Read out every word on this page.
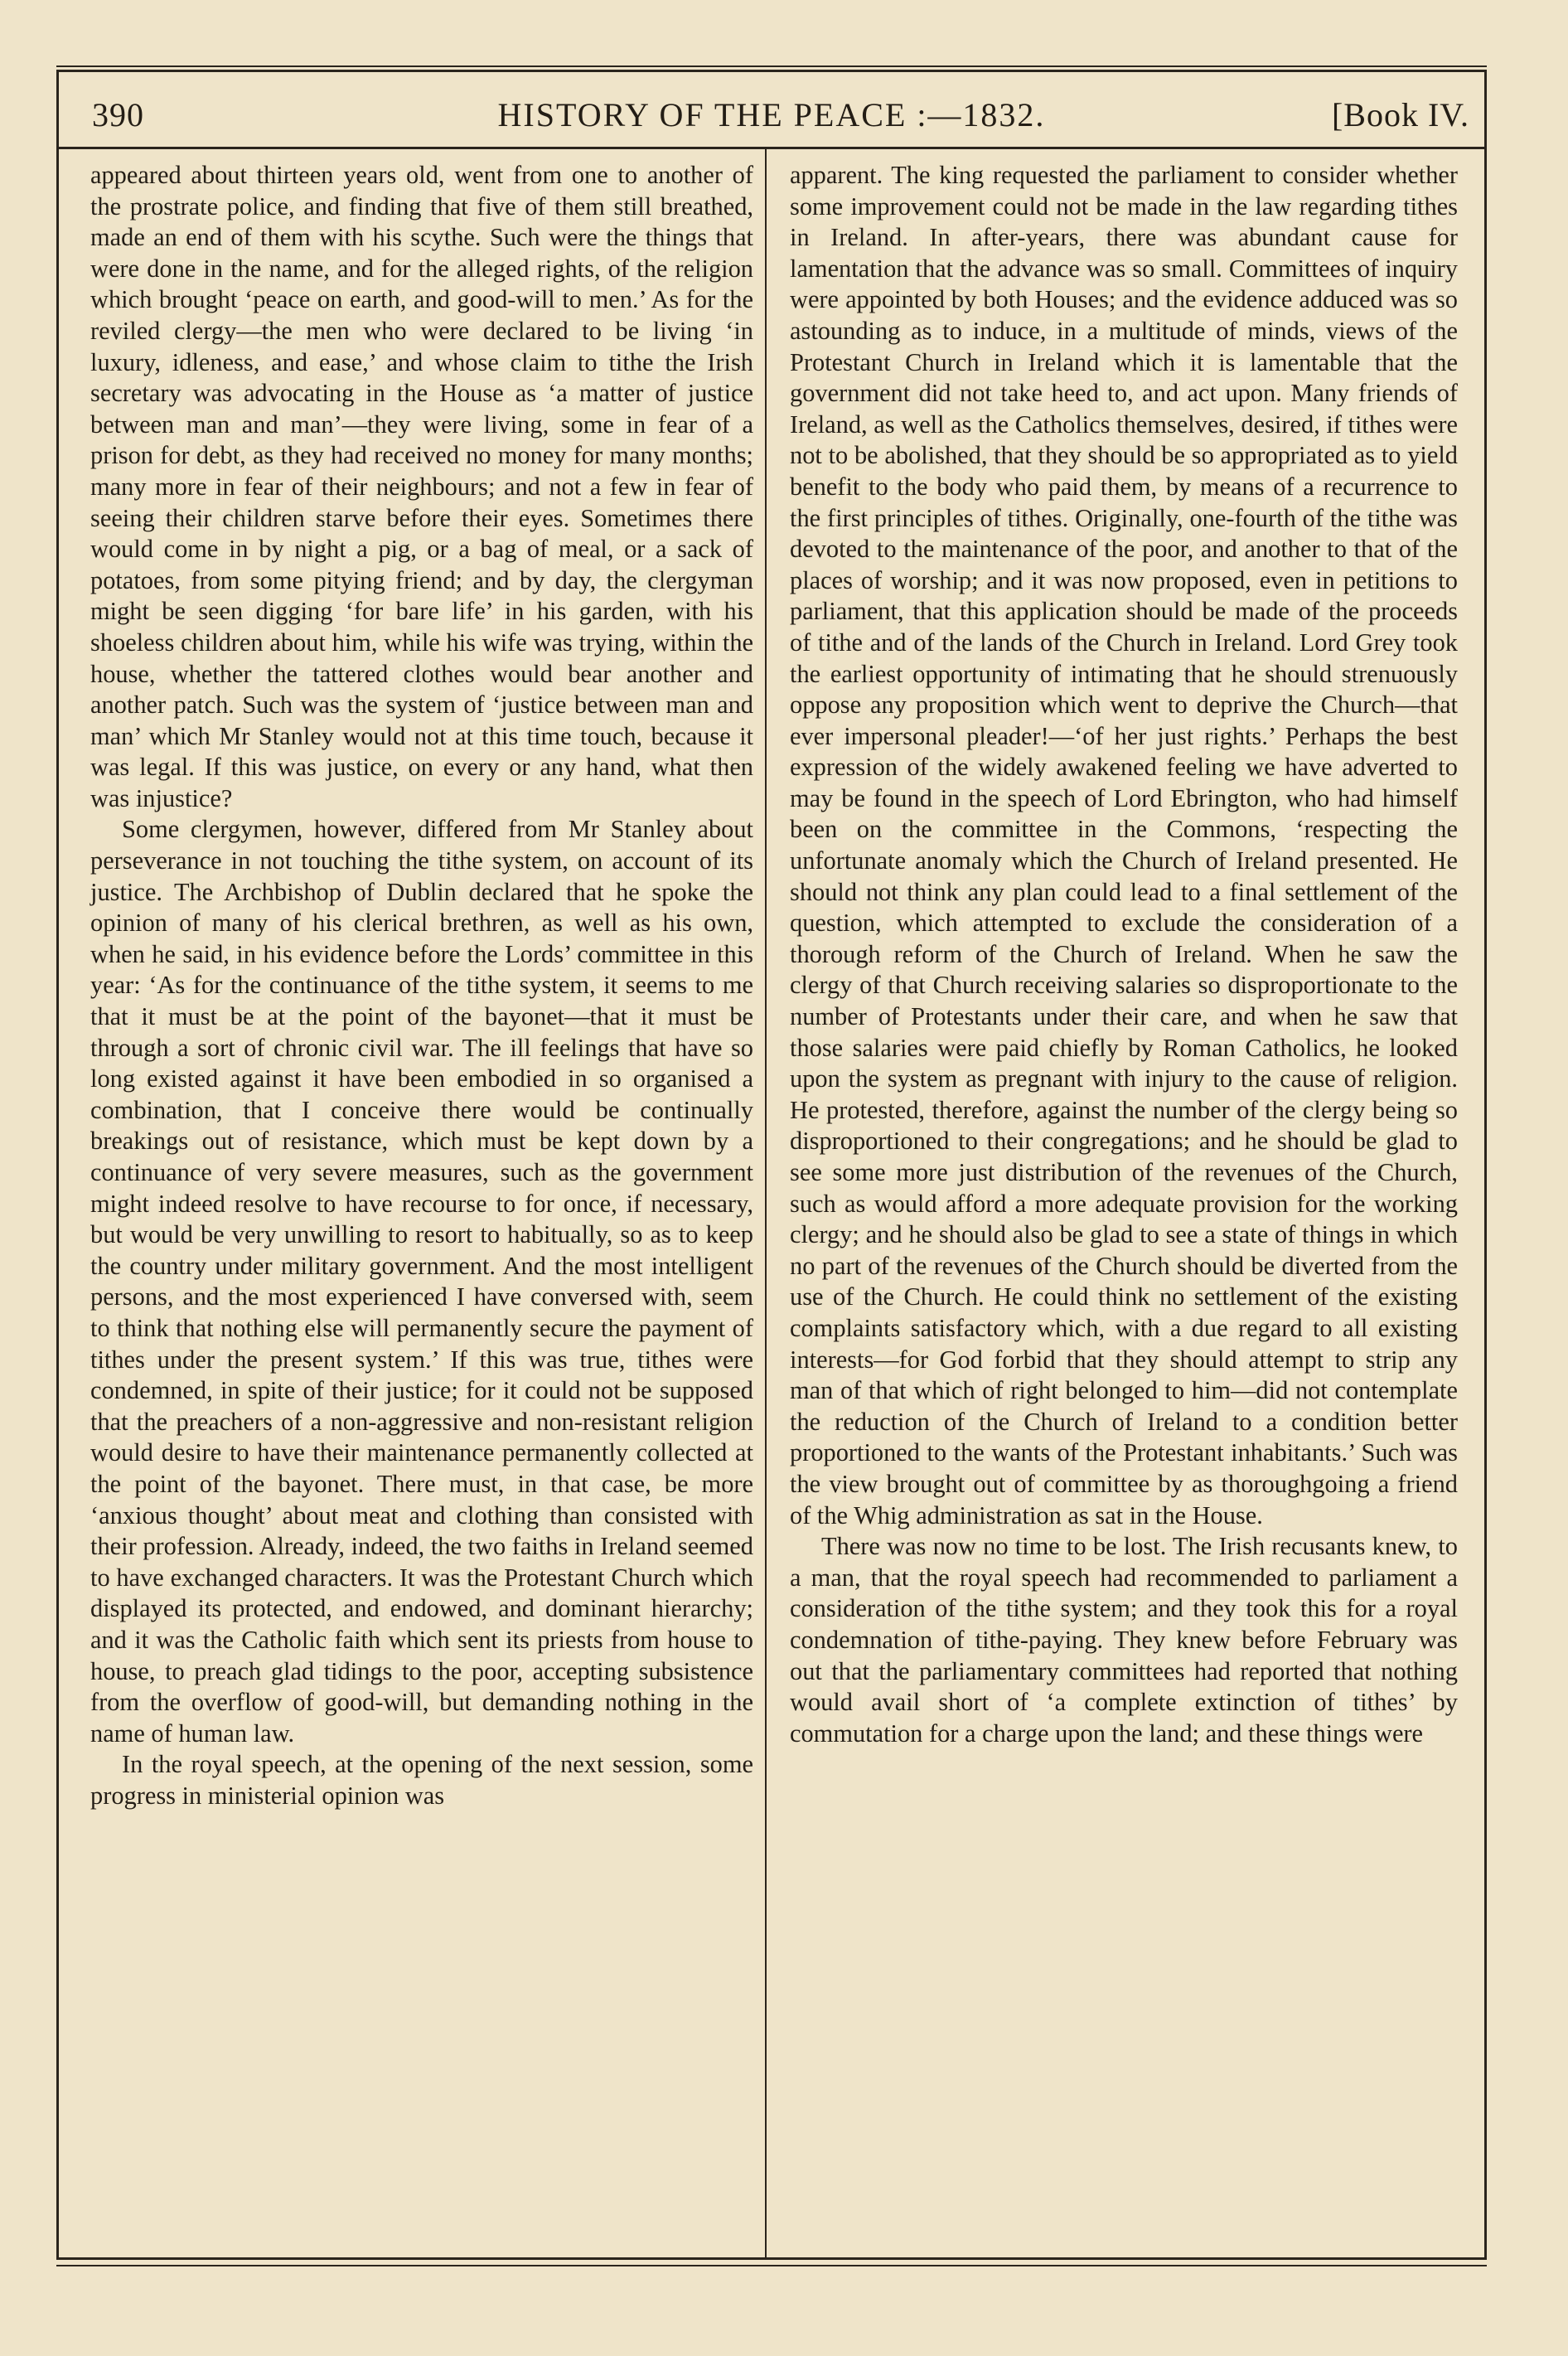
390	HISTORY OF THE PEACE :—1832.	[Book IV.

appeared about thirteen years old, went from one to another of the prostrate police, and finding that five of them still breathed, made an end of them with his scythe. Such were the things that were done in the name, and for the alleged rights, of the religion which brought ‘peace on earth, and good-will to men.’ As for the reviled clergy—the men who were declared to be living ‘in luxury, idleness, and ease,’ and whose claim to tithe the Irish secretary was advocating in the House as ‘a matter of justice between man and man’—they were living, some in fear of a prison for debt, as they had received no money for many months; many more in fear of their neighbours; and not a few in fear of seeing their children starve before their eyes. Sometimes there would come in by night a pig, or a bag of meal, or a sack of potatoes, from some pitying friend; and by day, the clergyman might be seen digging ‘for bare life’ in his garden, with his shoeless children about him, while his wife was trying, within the house, whether the tattered clothes would bear another and another patch. Such was the system of ‘justice between man and man’ which Mr Stanley would not at this time touch, because it was legal. If this was justice, on every or any hand, what then was injustice?

Some clergymen, however, differed from Mr Stanley about perseverance in not touching the tithe system, on account of its justice. The Archbishop of Dublin declared that he spoke the opinion of many of his clerical brethren, as well as his own, when he said, in his evidence before the Lords’ committee in this year: ‘As for the continuance of the tithe system, it seems to me that it must be at the point of the bayonet—that it must be through a sort of chronic civil war. The ill feelings that have so long existed against it have been embodied in so organised a combination, that I conceive there would be continually breakings out of resistance, which must be kept down by a continuance of very severe measures, such as the government might indeed resolve to have recourse to for once, if necessary, but would be very unwilling to resort to habitually, so as to keep the country under military government. And the most intelligent persons, and the most experienced I have conversed with, seem to think that nothing else will permanently secure the payment of tithes under the present system.’ If this was true, tithes were condemned, in spite of their justice; for it could not be supposed that the preachers of a non-aggressive and non-resistant religion would desire to have their maintenance permanently collected at the point of the bayonet. There must, in that case, be more ‘anxious thought’ about meat and clothing than consisted with their profession. Already, indeed, the two faiths in Ireland seemed to have exchanged characters. It was the Protestant Church which displayed its protected, and endowed, and dominant hierarchy; and it was the Catholic faith which sent its priests from house to house, to preach glad tidings to the poor, accepting subsistence from the overflow of good-will, but demanding nothing in the name of human law.

In the royal speech, at the opening of the next session, some progress in ministerial opinion was

apparent. The king requested the parliament to consider whether some improvement could not be made in the law regarding tithes in Ireland. In after-years, there was abundant cause for lamentation that the advance was so small. Committees of inquiry were appointed by both Houses; and the evidence adduced was so astounding as to induce, in a multitude of minds, views of the Protestant Church in Ireland which it is lamentable that the government did not take heed to, and act upon. Many friends of Ireland, as well as the Catholics themselves, desired, if tithes were not to be abolished, that they should be so appropriated as to yield benefit to the body who paid them, by means of a recurrence to the first principles of tithes. Originally, one-fourth of the tithe was devoted to the maintenance of the poor, and another to that of the places of worship; and it was now proposed, even in petitions to parliament, that this application should be made of the proceeds of tithe and of the lands of the Church in Ireland. Lord Grey took the earliest opportunity of intimating that he should strenuously oppose any proposition which went to deprive the Church—that ever impersonal pleader!—‘of her just rights.’ Perhaps the best expression of the widely awakened feeling we have adverted to may be found in the speech of Lord Ebrington, who had himself been on the committee in the Commons, ‘respecting the unfortunate anomaly which the Church of Ireland presented. He should not think any plan could lead to a final settlement of the question, which attempted to exclude the consideration of a thorough reform of the Church of Ireland. When he saw the clergy of that Church receiving salaries so disproportionate to the number of Protestants under their care, and when he saw that those salaries were paid chiefly by Roman Catholics, he looked upon the system as pregnant with injury to the cause of religion. He protested, therefore, against the number of the clergy being so disproportioned to their congregations; and he should be glad to see some more just distribution of the revenues of the Church, such as would afford a more adequate provision for the working clergy; and he should also be glad to see a state of things in which no part of the revenues of the Church should be diverted from the use of the Church. He could think no settlement of the existing complaints satisfactory which, with a due regard to all existing interests—for God forbid that they should attempt to strip any man of that which of right belonged to him—did not contemplate the reduction of the Church of Ireland to a condition better proportioned to the wants of the Protestant inhabitants.’ Such was the view brought out of committee by as thoroughgoing a friend of the Whig administration as sat in the House.

There was now no time to be lost. The Irish recusants knew, to a man, that the royal speech had recommended to parliament a consideration of the tithe system; and they took this for a royal condemnation of tithe-paying. They knew before February was out that the parliamentary committees had reported that nothing would avail short of ‘a complete extinction of tithes’ by commutation for a charge upon the land; and these things were
